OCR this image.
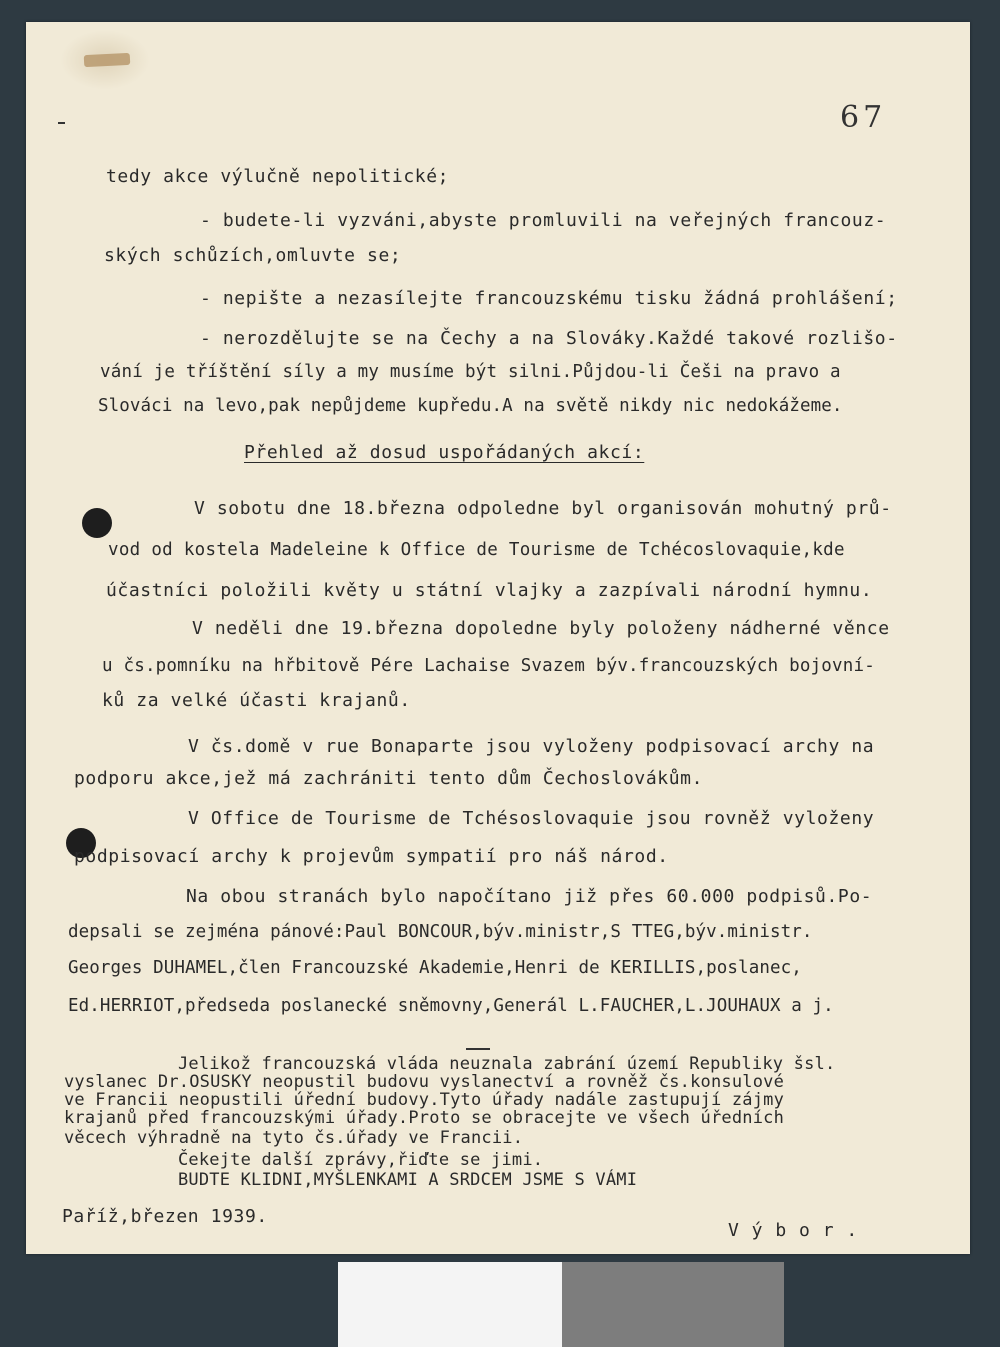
67
tedy akce výlučně nepolitické;
- budete-li vyzváni,abyste promluvili na veřejných francouz-
ských schůzích,omluvte se;
- nepište a nezasílejte francouzskému tisku žádná prohlášení;
- nerozdělujte se na Čechy a na Slováky.Každé takové rozlišo-
vání je tříštění síly a my musíme být silni.Půjdou-li Češi na pravo a
Slováci na levo,pak nepůjdeme kupředu.A na světě nikdy nic nedokážeme.
Přehled až dosud uspořádaných akcí:
V sobotu dne 18.března odpoledne byl organisován mohutný prů-
vod od kostela Madeleine k Office de Tourisme de Tchécoslovaquie,kde
účastníci položili květy u státní vlajky a zazpívali národní hymnu.
V neděli dne 19.března dopoledne byly položeny nádherné věnce
u čs.pomníku na hřbitově Pére Lachaise Svazem býv.francouzských bojovní-
ků za velké účasti krajanů.
V čs.domě v rue Bonaparte jsou vyloženy podpisovací archy na
podporu akce,jež má zachrániti tento dům Čechoslovákům.
V Office de Tourisme de Tchésoslovaquie jsou rovněž vyloženy
podpisovací archy k projevům sympatií pro náš národ.
Na obou stranách bylo napočítano již přes 60.000 podpisů.Po-
depsali se zejména pánové:Paul BONCOUR,býv.ministr,S TTEG,býv.ministr.
Georges DUHAMEL,člen Francouzské Akademie,Henri de KERILLIS,poslanec,
Ed.HERRIOT,předseda poslanecké sněmovny,Generál L.FAUCHER,L.JOUHAUX a j.
Jelikož francouzská vláda neuznala zabrání území Republiky šsl.
vyslanec Dr.OSUSKY neopustil budovu vyslanectví a rovněž čs.konsulové
ve Francii neopustili úřední budovy.Tyto úřady nadále zastupují zájmy
krajanů před francouzskými úřady.Proto se obracejte ve všech úředních
věcech výhradně na tyto čs.úřady ve Francii.
Čekejte další zprávy,řiďte se jimi.
BUDTE KLIDNI,MYŠLENKAMI A SRDCEM JSME S VÁMI
Paříž,březen 1939.
V ý b o r .
